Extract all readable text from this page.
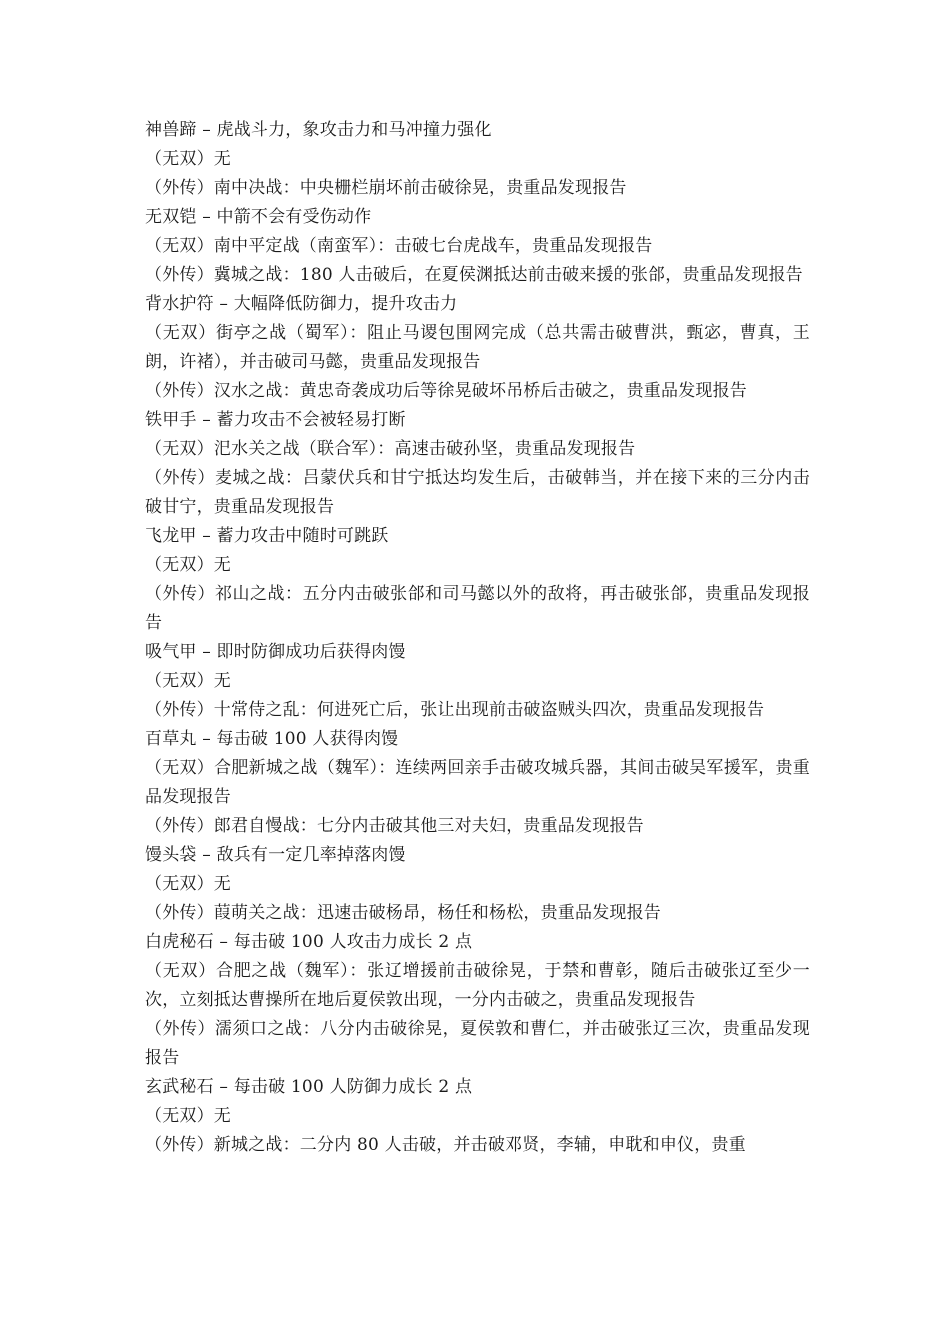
神兽蹄 – 虎战斗力，象攻击力和马冲撞力强化

（无双）无

（外传）南中决战：中央栅栏崩坏前击破徐晃，贵重品发现报告

无双铠 – 中箭不会有受伤动作

（无双）南中平定战（南蛮军）：击破七台虎战车，贵重品发现报告

（外传）冀城之战：180 人击破后，在夏侯渊抵达前击破来援的张郃，贵重品发现报告

背水护符 – 大幅降低防御力，提升攻击力

（无双）街亭之战（蜀军）：阻止马谡包围网完成（总共需击破曹洪，甄宓，曹真，王朗，许褚），并击破司马懿，贵重品发现报告

（外传）汉水之战：黄忠奇袭成功后等徐晃破坏吊桥后击破之，贵重品发现报告

铁甲手 – 蓄力攻击不会被轻易打断

（无双）汜水关之战（联合军）：高速击破孙坚，贵重品发现报告

（外传）麦城之战：吕蒙伏兵和甘宁抵达均发生后，击破韩当，并在接下来的三分内击破甘宁，贵重品发现报告

飞龙甲 – 蓄力攻击中随时可跳跃

（无双）无

（外传）祁山之战：五分内击破张郃和司马懿以外的敌将，再击破张郃，贵重品发现报告

吸气甲 – 即时防御成功后获得肉馒

（无双）无

（外传）十常侍之乱：何进死亡后，张让出现前击破盗贼头四次，贵重品发现报告

百草丸 – 每击破 100 人获得肉馒

（无双）合肥新城之战（魏军）：连续两回亲手击破攻城兵器，其间击破吴军援军，贵重品发现报告

（外传）郎君自慢战：七分内击破其他三对夫妇，贵重品发现报告

馒头袋 – 敌兵有一定几率掉落肉馒

（无双）无

（外传）葭萌关之战：迅速击破杨昂，杨任和杨松，贵重品发现报告

白虎秘石 – 每击破 100 人攻击力成长 2 点

（无双）合肥之战（魏军）：张辽增援前击破徐晃，于禁和曹彰，随后击破张辽至少一次，立刻抵达曹操所在地后夏侯敦出现，一分内击破之，贵重品发现报告

（外传）濡须口之战：八分内击破徐晃，夏侯敦和曹仁，并击破张辽三次，贵重品发现报告

玄武秘石 – 每击破 100 人防御力成长 2 点

（无双）无

（外传）新城之战：二分内 80 人击破，并击破邓贤，李辅，申耽和申仪，贵重
